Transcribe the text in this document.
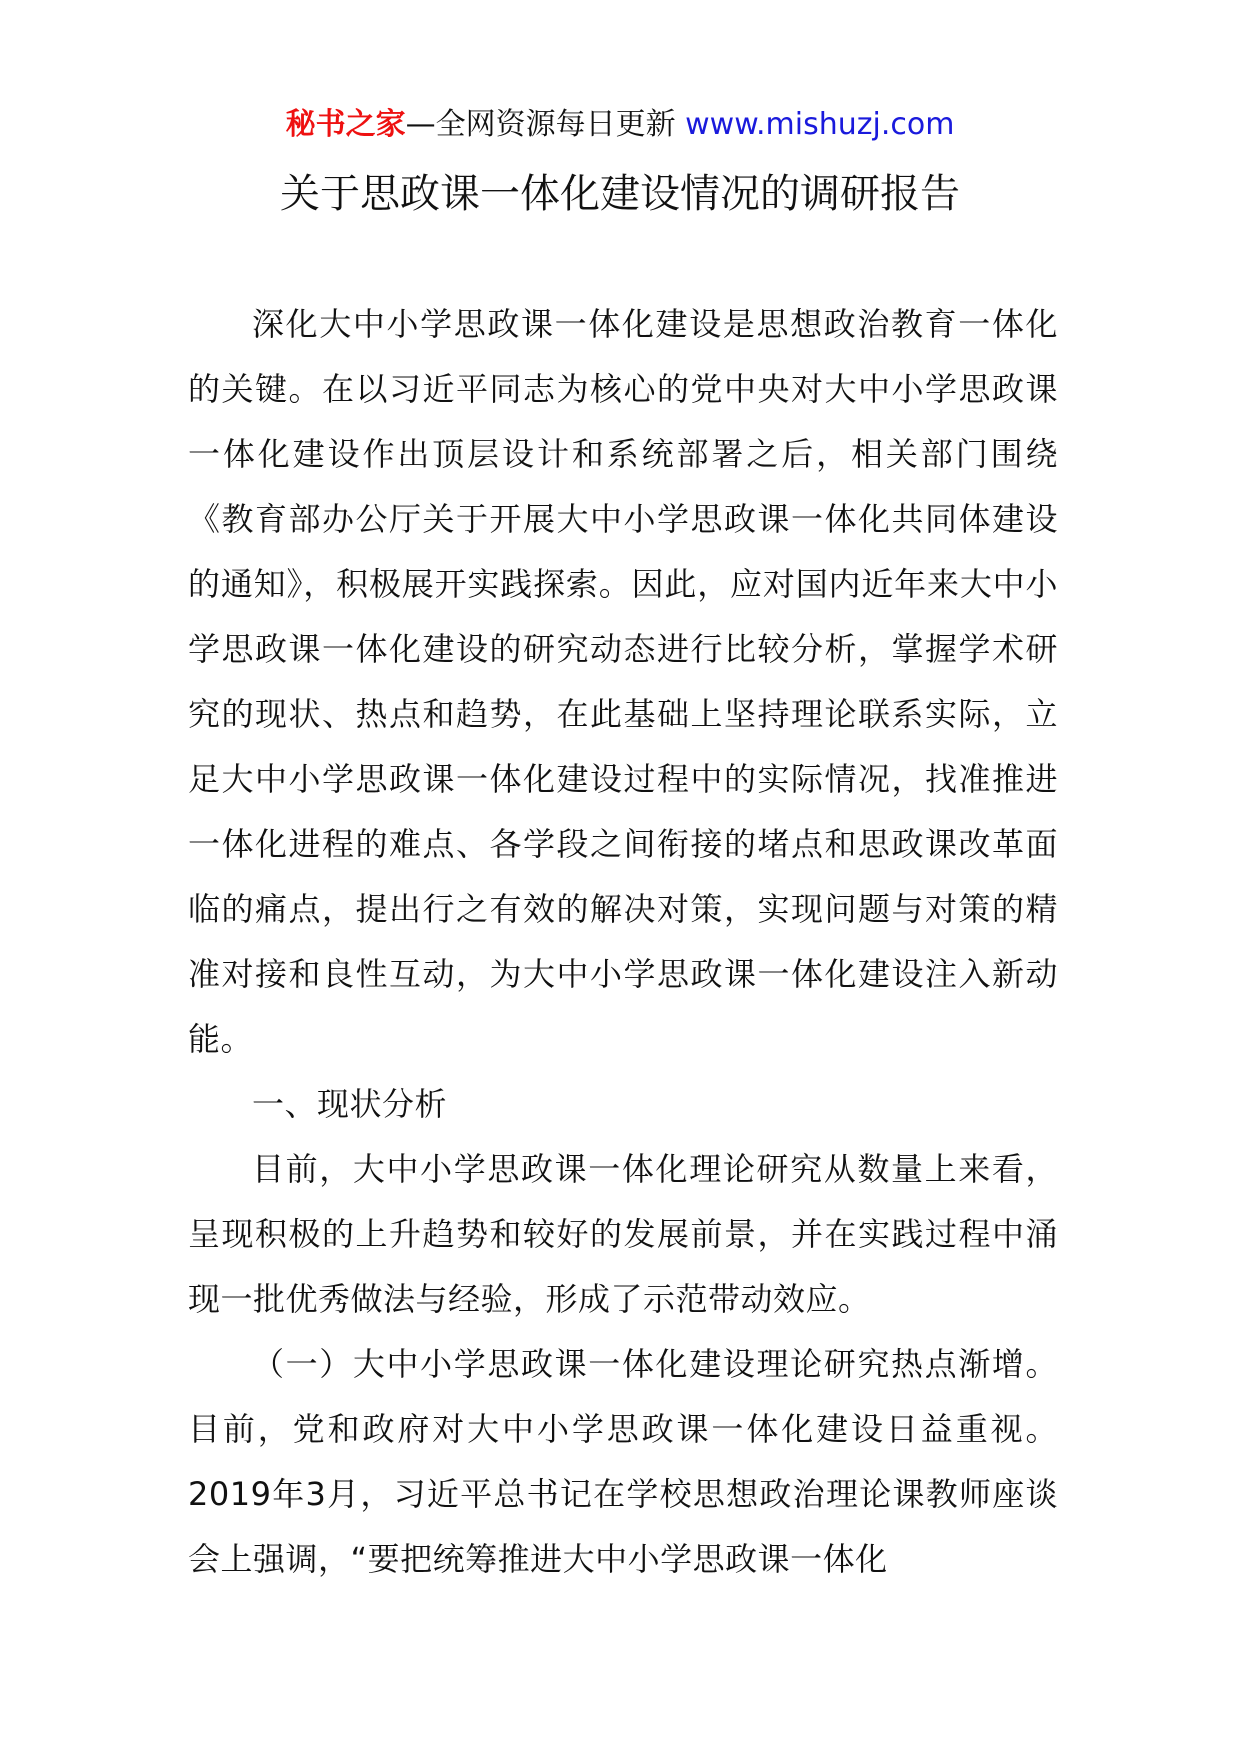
秘书之家—全网资源每日更新 www.mishuzj.com
关于思政课一体化建设情况的调研报告

深化大中小学思政课一体化建设是思想政治教育一体化的关键。在以习近平同志为核心的党中央对大中小学思政课一体化建设作出顶层设计和系统部署之后，相关部门围绕《教育部办公厅关于开展大中小学思政课一体化共同体建设的通知》，积极展开实践探索。因此，应对国内近年来大中小学思政课一体化建设的研究动态进行比较分析，掌握学术研究的现状、热点和趋势，在此基础上坚持理论联系实际，立足大中小学思政课一体化建设过程中的实际情况，找准推进一体化进程的难点、各学段之间衔接的堵点和思政课改革面临的痛点，提出行之有效的解决对策，实现问题与对策的精准对接和良性互动，为大中小学思政课一体化建设注入新动能。

一、现状分析

目前，大中小学思政课一体化理论研究从数量上来看，呈现积极的上升趋势和较好的发展前景，并在实践过程中涌现一批优秀做法与经验，形成了示范带动效应。

（一）大中小学思政课一体化建设理论研究热点渐增。目前，党和政府对大中小学思政课一体化建设日益重视。2019年3月，习近平总书记在学校思想政治理论课教师座谈会上强调，“要把统筹推进大中小学思政课一体化
